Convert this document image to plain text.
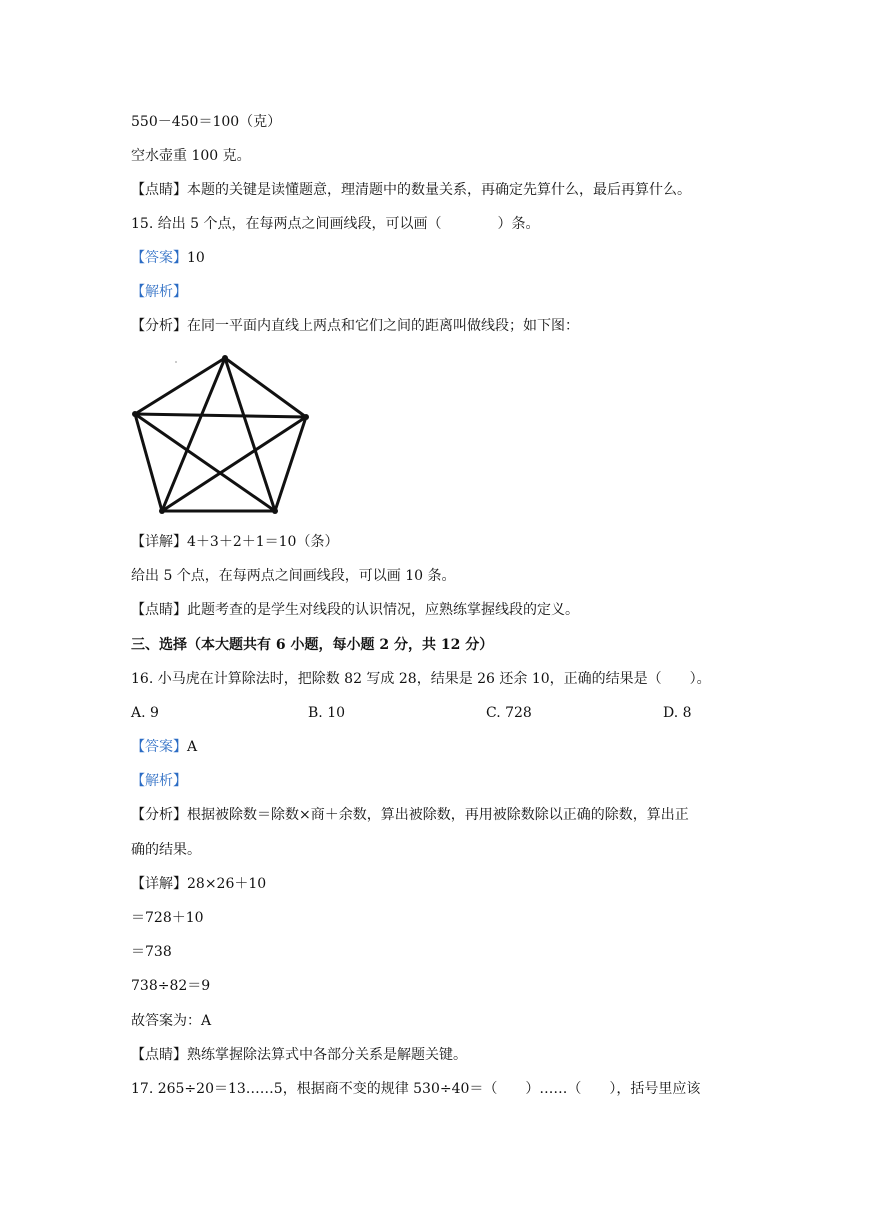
550－450＝100（克）
空水壶重 100 克。
【点睛】本题的关键是读懂题意，理清题中的数量关系，再确定先算什么，最后再算什么。
15. 给出 5 个点，在每两点之间画线段，可以画（　　　　）条。
【答案】10
【解析】
【分析】在同一平面内直线上两点和它们之间的距离叫做线段；如下图：
【详解】4＋3＋2＋1＝10（条）
给出 5 个点，在每两点之间画线段，可以画 10 条。
【点睛】此题考查的是学生对线段的认识情况，应熟练掌握线段的定义。
三、选择（本大题共有 6 小题，每小题 2 分，共 12 分）
16. 小马虎在计算除法时，把除数 82 写成 28，结果是 26 还余 10，正确的结果是（　　）。
A. 9	B. 10	C. 728	D. 8
【答案】A
【解析】
【分析】根据被除数＝除数×商＋余数，算出被除数，再用被除数除以正确的除数，算出正
确的结果。
【详解】28×26＋10
＝728＋10
＝738
738÷82＝9
故答案为：A
【点睛】熟练掌握除法算式中各部分关系是解题关键。
17. 265÷20＝13……5，根据商不变的规律 530÷40＝（　　）……（　　），括号里应该
